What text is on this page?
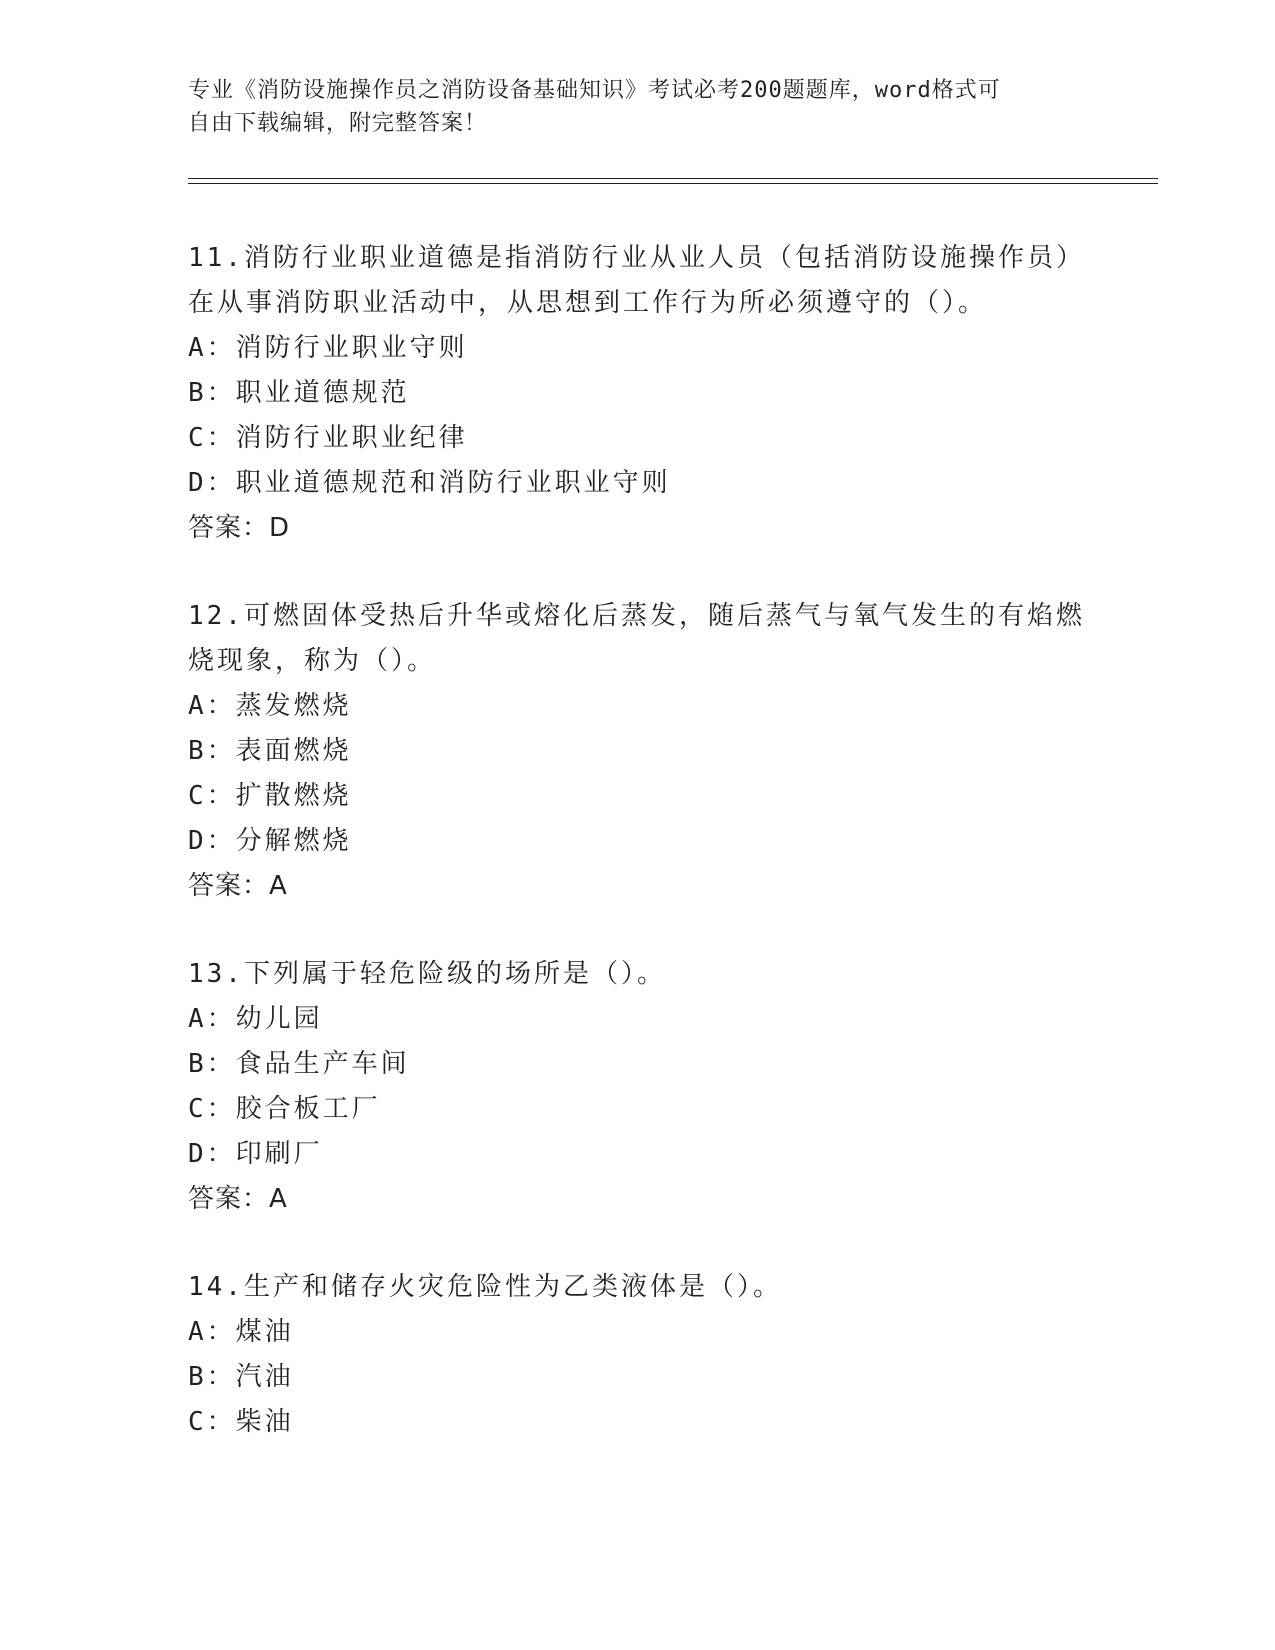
专业《消防设施操作员之消防设备基础知识》考试必考200题题库，word格式可
自由下载编辑，附完整答案！

11.消防行业职业道德是指消防行业从业人员（包括消防设施操作员）在从事消防职业活动中，从思想到工作行为所必须遵守的（）。

A：消防行业职业守则

B：职业道德规范

C：消防行业职业纪律

D：职业道德规范和消防行业职业守则

答案：D

12.可燃固体受热后升华或熔化后蒸发，随后蒸气与氧气发生的有焰燃烧现象，称为（）。

A：蒸发燃烧

B：表面燃烧

C：扩散燃烧

D：分解燃烧

答案：A

13.下列属于轻危险级的场所是（）。

A：幼儿园

B：食品生产车间

C：胶合板工厂

D：印刷厂

答案：A

14.生产和储存火灾危险性为乙类液体是（）。

A：煤油

B：汽油

C：柴油
